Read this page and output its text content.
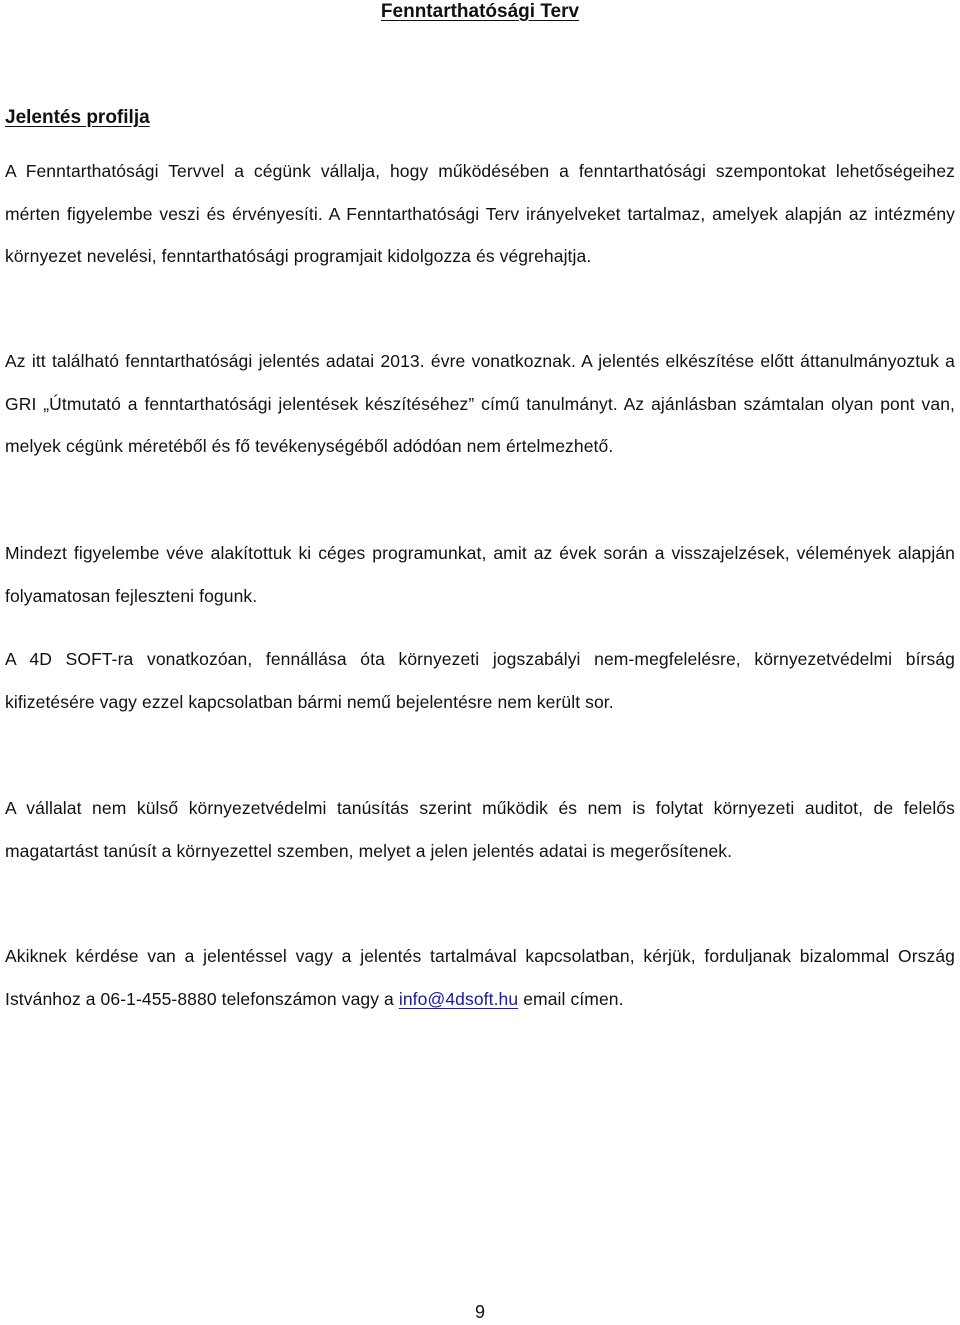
Fenntarthatósági Terv
Jelentés profilja

A Fenntarthatósági Tervvel a cégünk vállalja, hogy működésében a fenntarthatósági szempontokat lehetőségeihez mérten figyelembe veszi és érvényesíti. A Fenntarthatósági Terv irányelveket tartalmaz, amelyek alapján az intézmény környezet nevelési, fenntarthatósági programjait kidolgozza és végrehajtja.

Az itt található fenntarthatósági jelentés adatai 2013. évre vonatkoznak. A jelentés elkészítése előtt áttanulmányoztuk a GRI „Útmutató a fenntarthatósági jelentések készítéséhez” című tanulmányt. Az ajánlásban számtalan olyan pont van, melyek cégünk méretéből és fő tevékenységéből adódóan nem értelmezhető.

Mindezt figyelembe véve alakítottuk ki céges programunkat, amit az évek során a visszajelzések, vélemények alapján folyamatosan fejleszteni fogunk.

A 4D SOFT-ra vonatkozóan, fennállása óta környezeti jogszabályi nem-megfelelésre, környezetvédelmi bírság kifizetésére vagy ezzel kapcsolatban bármi nemű bejelentésre nem került sor.

A vállalat nem külső környezetvédelmi tanúsítás szerint működik és nem is folytat környezeti auditot, de felelős magatartást tanúsít a környezettel szemben, melyet a jelen jelentés adatai is megerősítenek.

Akiknek kérdése van a jelentéssel vagy a jelentés tartalmával kapcsolatban, kérjük, forduljanak bizalommal Ország Istvánhoz a 06-1-455-8880 telefonszámon vagy a info@4dsoft.hu email címen.

9
